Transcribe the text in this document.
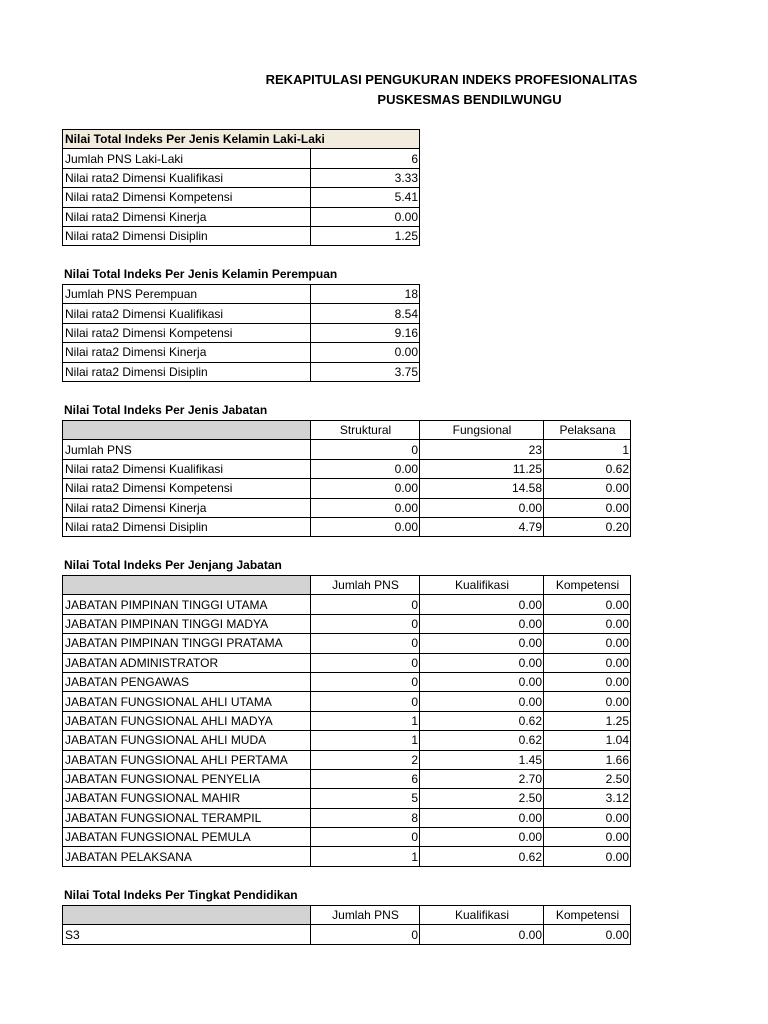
REKAPITULASI PENGUKURAN INDEKS PROFESIONALITAS
PUSKESMAS BENDILWUNGU
Nilai Total Indeks Per Jenis Kelamin Laki-Laki	
Jumlah PNS Laki-Laki	6
Nilai rata2 Dimensi Kualifikasi	3.33
Nilai rata2 Dimensi Kompetensi	5.41
Nilai rata2 Dimensi Kinerja	0.00
Nilai rata2 Dimensi Disiplin	1.25
Nilai Total Indeks Per Jenis Kelamin Perempuan
Jumlah PNS Perempuan	18
Nilai rata2 Dimensi Kualifikasi	8.54
Nilai rata2 Dimensi Kompetensi	9.16
Nilai rata2 Dimensi Kinerja	0.00
Nilai rata2 Dimensi Disiplin	3.75
Nilai Total Indeks Per Jenis Jabatan
	Struktural	Fungsional	Pelaksana
Jumlah PNS	0	23	1
Nilai rata2 Dimensi Kualifikasi	0.00	11.25	0.62
Nilai rata2 Dimensi Kompetensi	0.00	14.58	0.00
Nilai rata2 Dimensi Kinerja	0.00	0.00	0.00
Nilai rata2 Dimensi Disiplin	0.00	4.79	0.20
Nilai Total Indeks Per Jenjang Jabatan
	Jumlah PNS	Kualifikasi	Kompetensi
JABATAN PIMPINAN TINGGI UTAMA	0	0.00	0.00
JABATAN PIMPINAN TINGGI MADYA	0	0.00	0.00
JABATAN PIMPINAN TINGGI PRATAMA	0	0.00	0.00
JABATAN ADMINISTRATOR	0	0.00	0.00
JABATAN PENGAWAS	0	0.00	0.00
JABATAN FUNGSIONAL AHLI UTAMA	0	0.00	0.00
JABATAN FUNGSIONAL AHLI MADYA	1	0.62	1.25
JABATAN FUNGSIONAL AHLI MUDA	1	0.62	1.04
JABATAN FUNGSIONAL AHLI PERTAMA	2	1.45	1.66
JABATAN FUNGSIONAL PENYELIA	6	2.70	2.50
JABATAN FUNGSIONAL MAHIR	5	2.50	3.12
JABATAN FUNGSIONAL TERAMPIL	8	0.00	0.00
JABATAN FUNGSIONAL PEMULA	0	0.00	0.00
JABATAN PELAKSANA	1	0.62	0.00
Nilai Total Indeks Per Tingkat Pendidikan
	Jumlah PNS	Kualifikasi	Kompetensi
S3	0	0.00	0.00
